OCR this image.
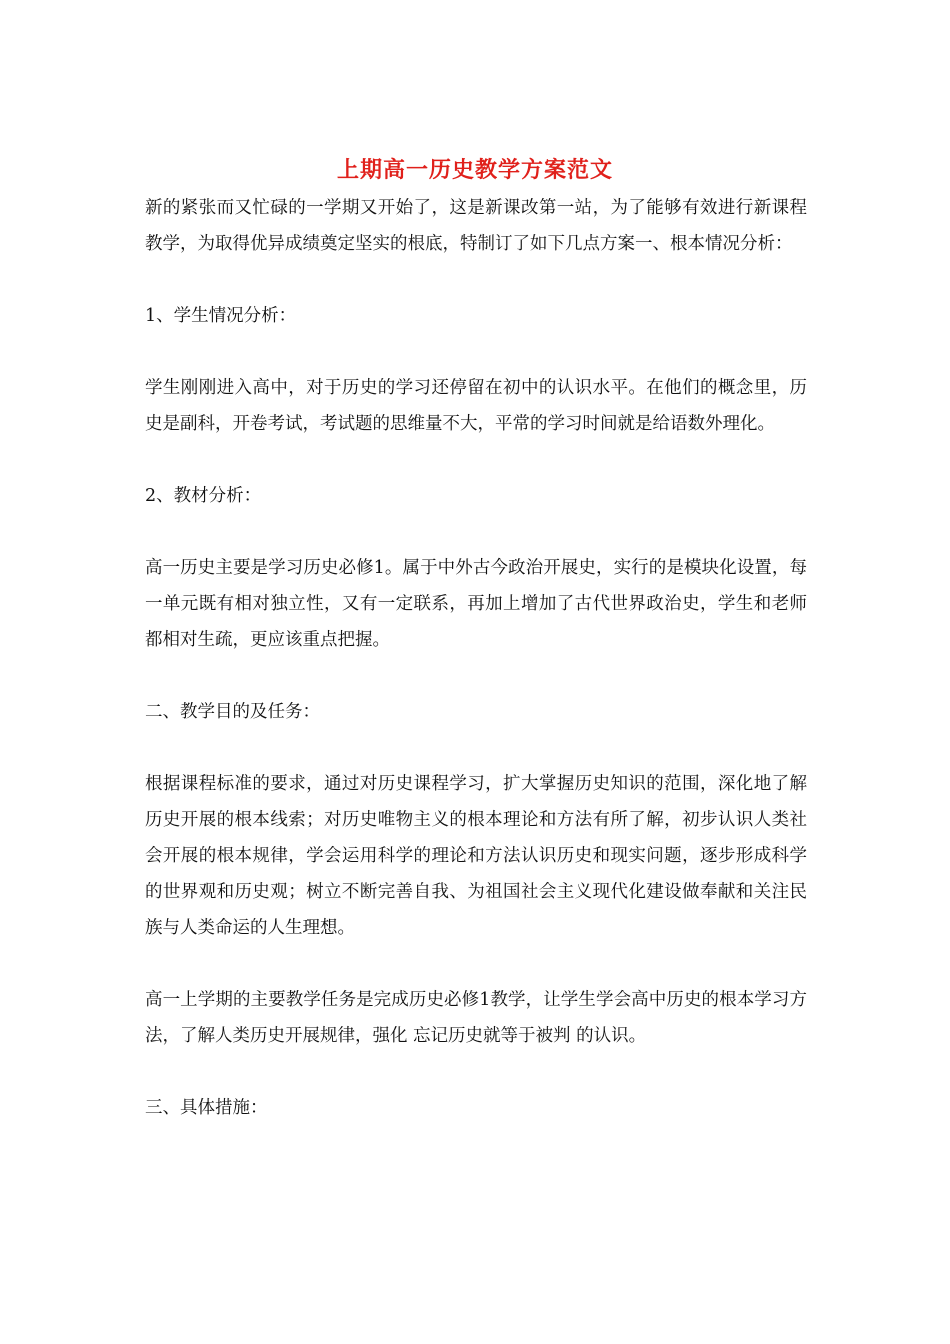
上期高一历史教学方案范文

新的紧张而又忙碌的一学期又开始了，这是新课改第一站，为了能够有效进行新课程教学，为取得优异成绩奠定坚实的根底，特制订了如下几点方案一、根本情况分析：

1、学生情况分析：

学生刚刚进入高中，对于历史的学习还停留在初中的认识水平。在他们的概念里，历史是副科，开卷考试，考试题的思维量不大，平常的学习时间就是给语数外理化。

2、教材分析：

高一历史主要是学习历史必修1。属于中外古今政治开展史，实行的是模块化设置，每一单元既有相对独立性，又有一定联系，再加上增加了古代世界政治史，学生和老师都相对生疏，更应该重点把握。

二、教学目的及任务：

根据课程标准的要求，通过对历史课程学习，扩大掌握历史知识的范围，深化地了解历史开展的根本线索；对历史唯物主义的根本理论和方法有所了解，初步认识人类社会开展的根本规律，学会运用科学的理论和方法认识历史和现实问题，逐步形成科学的世界观和历史观；树立不断完善自我、为祖国社会主义现代化建设做奉献和关注民族与人类命运的人生理想。

高一上学期的主要教学任务是完成历史必修1教学，让学生学会高中历史的根本学习方法，了解人类历史开展规律，强化 忘记历史就等于被判 的认识。

三、具体措施：
